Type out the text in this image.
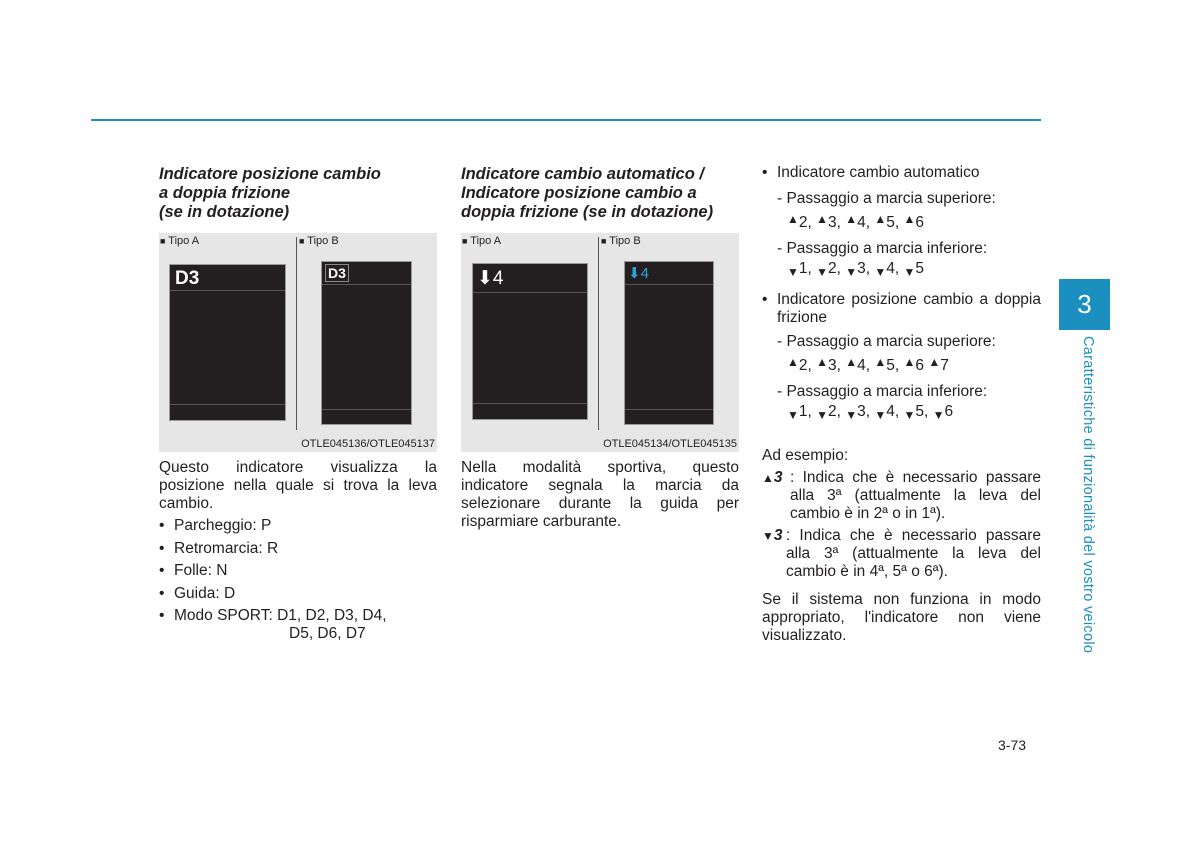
Indicatore posizione cambio

a doppia frizione

(se in dotazione)

■ Tipo A	■ Tipo B
D3	D3
OTLE045136/OTLE045137

Questo indicatore visualizza la posizione nella quale si trova la leva cambio.

• Parcheggio: P
• Retromarcia: R
• Folle: N
• Guida: D
• Modo SPORT: D1, D2, D3, D4,
D5, D6, D7

Indicatore cambio automatico /

Indicatore posizione cambio a

doppia frizione (se in dotazione)

■ Tipo A	■ Tipo B
⬇4	⬇4
OTLE045134/OTLE045135

Nella modalità sportiva, questo indicatore segnala la marcia da selezionare durante la guida per risparmiare carburante.

• Indicatore cambio automatico
- Passaggio a marcia superiore:
▲2, ▲3, ▲4, ▲5, ▲6
- Passaggio a marcia inferiore:
▼1, ▼2, ▼3, ▼4, ▼5
• Indicatore posizione cambio a doppia frizione
- Passaggio a marcia superiore:
▲2, ▲3, ▲4, ▲5, ▲6 ▲7
- Passaggio a marcia inferiore:
▼1, ▼2, ▼3, ▼4, ▼5, ▼6
Ad esempio:
▲3 : Indica che è necessario passare alla 3ª (attualmente la leva del cambio è in 2ª o in 1ª).
▼3 : Indica che è necessario passare alla 3ª (attualmente la leva del cambio è in 4ª, 5ª o 6ª).
Se il sistema non funziona in modo appropriato, l'indicatore non viene visualizzato.
3
Caratteristiche di funzionalità del vostro veicolo
3-73
